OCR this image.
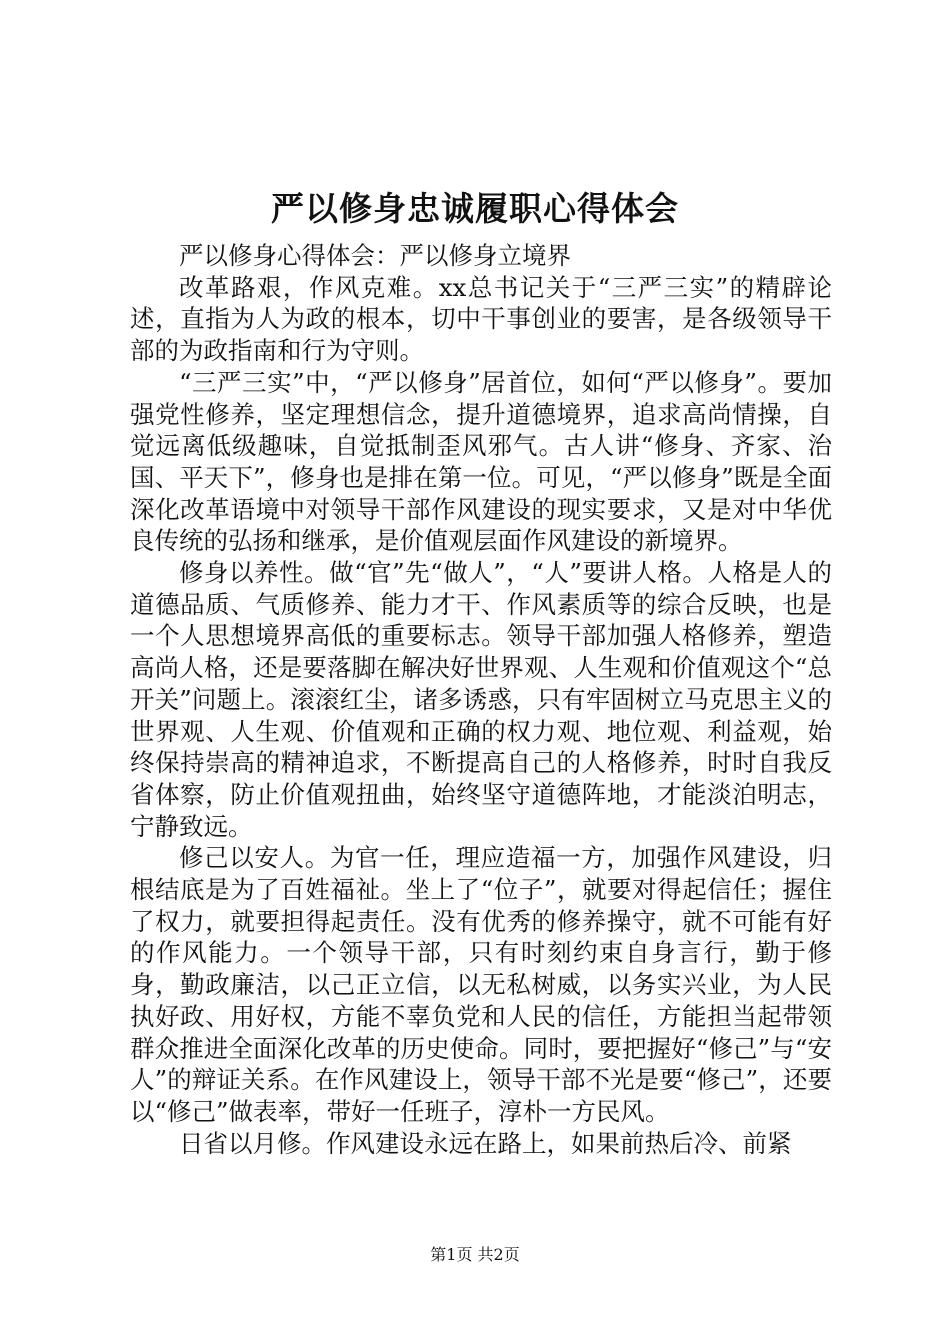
严以修身忠诚履职心得体会

严以修身心得体会：严以修身立境界

改革路艰，作风克难。xx总书记关于“三严三实”的精辟论述，直指为人为政的根本，切中干事创业的要害，是各级领导干部的为政指南和行为守则。

“三严三实”中，“严以修身”居首位，如何“严以修身”。要加强党性修养，坚定理想信念，提升道德境界，追求高尚情操，自觉远离低级趣味，自觉抵制歪风邪气。古人讲“修身、齐家、治国、平天下”，修身也是排在第一位。可见，“严以修身”既是全面深化改革语境中对领导干部作风建设的现实要求，又是对中华优良传统的弘扬和继承，是价值观层面作风建设的新境界。

修身以养性。做“官”先“做人”，“人”要讲人格。人格是人的道德品质、气质修养、能力才干、作风素质等的综合反映，也是一个人思想境界高低的重要标志。领导干部加强人格修养，塑造高尚人格，还是要落脚在解决好世界观、人生观和价值观这个“总开关”问题上。滚滚红尘，诸多诱惑，只有牢固树立马克思主义的世界观、人生观、价值观和正确的权力观、地位观、利益观，始终保持崇高的精神追求，不断提高自己的人格修养，时时自我反省体察，防止价值观扭曲，始终坚守道德阵地，才能淡泊明志，宁静致远。

修己以安人。为官一任，理应造福一方，加强作风建设，归根结底是为了百姓福祉。坐上了“位子”，就要对得起信任；握住了权力，就要担得起责任。没有优秀的修养操守，就不可能有好的作风能力。一个领导干部，只有时刻约束自身言行，勤于修身，勤政廉洁，以己正立信，以无私树威，以务实兴业，为人民执好政、用好权，方能不辜负党和人民的信任，方能担当起带领群众推进全面深化改革的历史使命。同时，要把握好“修己”与“安人”的辩证关系。在作风建设上，领导干部不光是要“修己”，还要以“修己”做表率，带好一任班子，淳朴一方民风。

日省以月修。作风建设永远在路上，如果前热后冷、前紧

第1页 共2页
